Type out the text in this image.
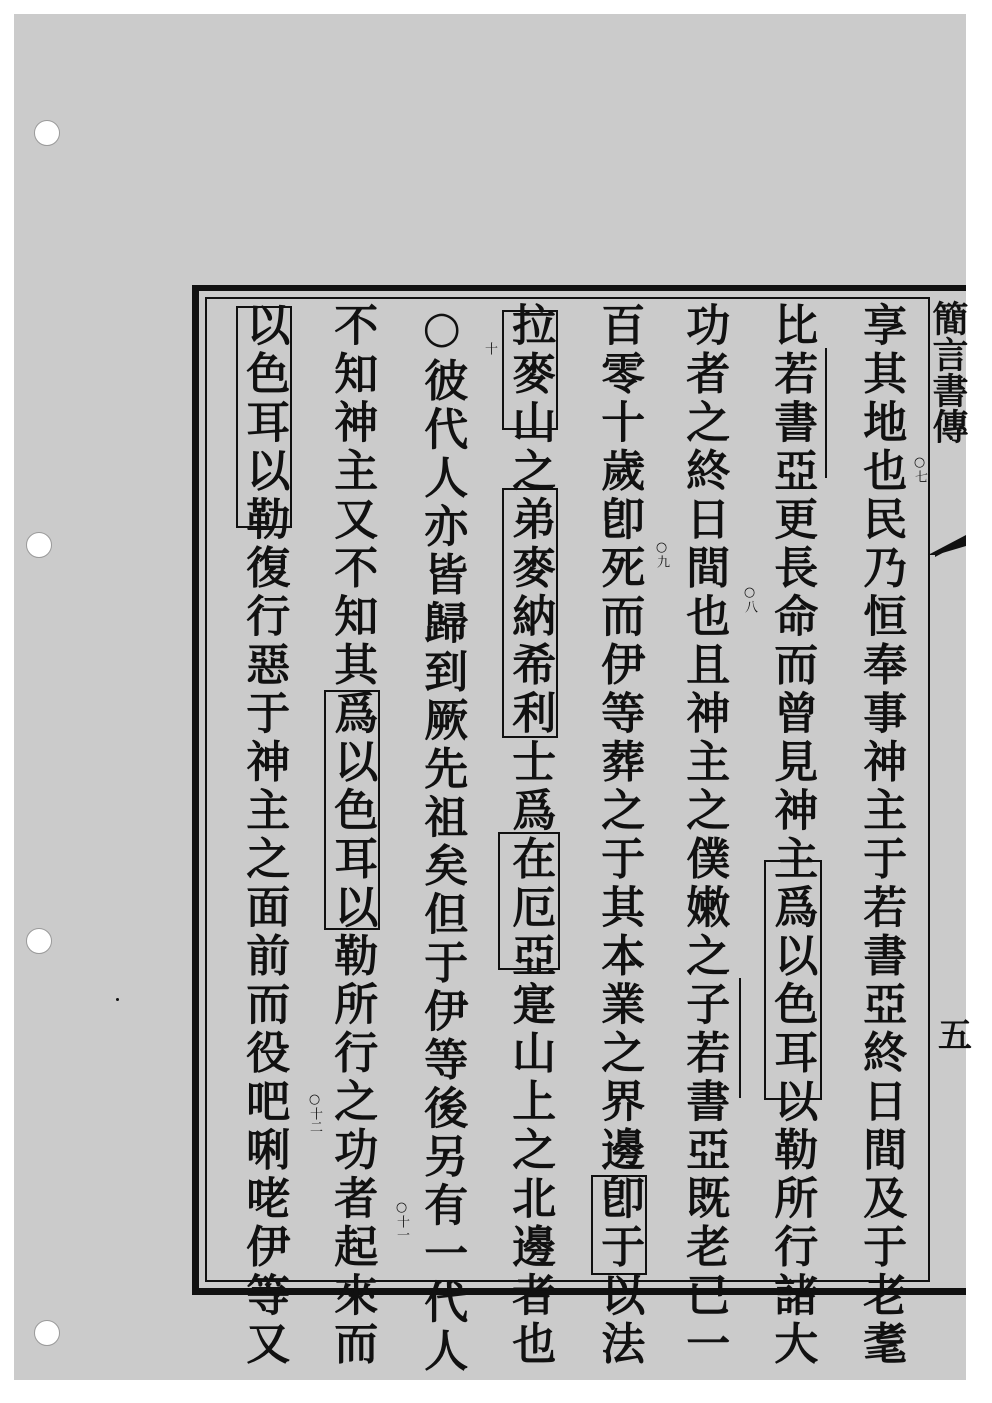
簡言書傳
五
享其地也民乃恒奉事神主于若書亞終日間及于老耄
比若書亞更長命而曾見神主爲以色耳以勒所行諸大
功者之終日間也且神主之僕嫩之子若書亞既老已一
百零十歲卽死而伊等葬之于其本業之界邊卽于以法
拉麥山之弟麥納希利士爲在厄亞寔山上之北邊者也
○彼代人亦皆歸到厥先祖矣但于伊等後另有一代人
不知神主又不知其爲以色耳以勒所行之功者起來而
以色耳以勒復行惡于神主之面前而役吧唎咾伊等又	○七
○八
○九
十
○十二
○十一
